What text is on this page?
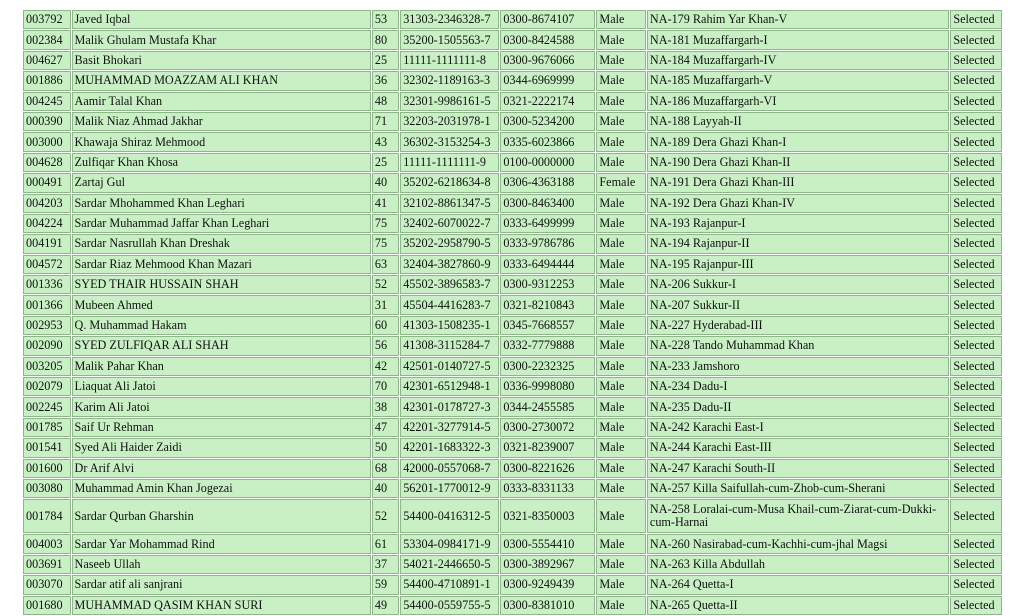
003792	Javed Iqbal	53	31303-2346328-7	0300-8674107	Male	NA-179 Rahim Yar Khan-V	Selected
002384	Malik Ghulam Mustafa Khar	80	35200-1505563-7	0300-8424588	Male	NA-181 Muzaffargarh-I	Selected
004627	Basit Bhokari	25	11111-1111111-8	0300-9676066	Male	NA-184 Muzaffargarh-IV	Selected
001886	MUHAMMAD MOAZZAM ALI KHAN	36	32302-1189163-3	0344-6969999	Male	NA-185 Muzaffargarh-V	Selected
004245	Aamir Talal Khan	48	32301-9986161-5	0321-2222174	Male	NA-186 Muzaffargarh-VI	Selected
000390	Malik Niaz Ahmad Jakhar	71	32203-2031978-1	0300-5234200	Male	NA-188 Layyah-II	Selected
003000	Khawaja Shiraz Mehmood	43	36302-3153254-3	0335-6023866	Male	NA-189 Dera Ghazi Khan-I	Selected
004628	Zulfiqar Khan Khosa	25	11111-1111111-9	0100-0000000	Male	NA-190 Dera Ghazi Khan-II	Selected
000491	Zartaj Gul	40	35202-6218634-8	0306-4363188	Female	NA-191 Dera Ghazi Khan-III	Selected
004203	Sardar Mhohammed Khan Leghari	41	32102-8861347-5	0300-8463400	Male	NA-192 Dera Ghazi Khan-IV	Selected
004224	Sardar Muhammad Jaffar Khan Leghari	75	32402-6070022-7	0333-6499999	Male	NA-193 Rajanpur-I	Selected
004191	Sardar Nasrullah Khan Dreshak	75	35202-2958790-5	0333-9786786	Male	NA-194 Rajanpur-II	Selected
004572	Sardar Riaz Mehmood Khan Mazari	63	32404-3827860-9	0333-6494444	Male	NA-195 Rajanpur-III	Selected
001336	SYED THAIR HUSSAIN SHAH	52	45502-3896583-7	0300-9312253	Male	NA-206 Sukkur-I	Selected
001366	Mubeen Ahmed	31	45504-4416283-7	0321-8210843	Male	NA-207 Sukkur-II	Selected
002953	Q. Muhammad Hakam	60	41303-1508235-1	0345-7668557	Male	NA-227 Hyderabad-III	Selected
002090	SYED ZULFIQAR ALI SHAH	56	41308-3115284-7	0332-7779888	Male	NA-228 Tando Muhammad Khan	Selected
003205	Malik Pahar Khan	42	42501-0140727-5	0300-2232325	Male	NA-233 Jamshoro	Selected
002079	Liaquat Ali Jatoi	70	42301-6512948-1	0336-9998080	Male	NA-234 Dadu-I	Selected
002245	Karim Ali Jatoi	38	42301-0178727-3	0344-2455585	Male	NA-235 Dadu-II	Selected
001785	Saif Ur Rehman	47	42201-3277914-5	0300-2730072	Male	NA-242 Karachi East-I	Selected
001541	Syed Ali Haider Zaidi	50	42201-1683322-3	0321-8239007	Male	NA-244 Karachi East-III	Selected
001600	Dr Arif Alvi	68	42000-0557068-7	0300-8221626	Male	NA-247 Karachi South-II	Selected
003080	Muhammad Amin Khan Jogezai	40	56201-1770012-9	0333-8331133	Male	NA-257 Killa Saifullah-cum-Zhob-cum-Sherani	Selected
001784	Sardar Qurban Gharshin	52	54400-0416312-5	0321-8350003	Male	NA-258 Loralai-cum-Musa Khail-cum-Ziarat-cum-Dukki-cum-Harnai	Selected
004003	Sardar Yar Mohammad Rind	61	53304-0984171-9	0300-5554410	Male	NA-260 Nasirabad-cum-Kachhi-cum-jhal Magsi	Selected
003691	Naseeb Ullah	37	54021-2446650-5	0300-3892967	Male	NA-263 Killa Abdullah	Selected
003070	Sardar atif ali sanjrani	59	54400-4710891-1	0300-9249439	Male	NA-264 Quetta-I	Selected
001680	MUHAMMAD QASIM KHAN SURI	49	54400-0559755-5	0300-8381010	Male	NA-265 Quetta-II	Selected
